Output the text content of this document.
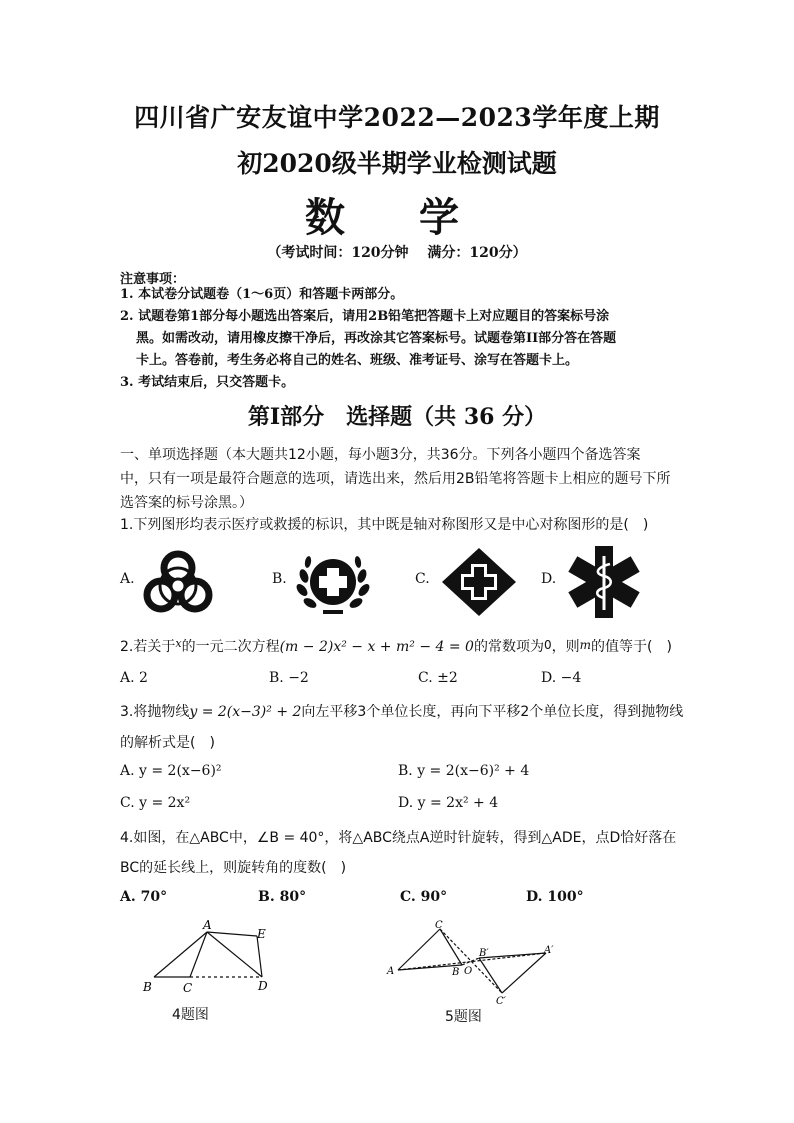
四川省广安友谊中学2022—2023学年度上期
初2020级半期学业检测试题
数 学
（考试时间：120分钟　 满分：120分）
注意事项：
1. 本试卷分试题卷（1～6页）和答题卡两部分。
2. 试题卷第1部分每小题选出答案后，请用2B铅笔把答题卡上对应题目的答案标号涂
黑。如需改动，请用橡皮擦干净后，再改涂其它答案标号。试题卷第II部分答在答题
卡上。答卷前，考生务必将自己的姓名、班级、准考证号、涂写在答题卡上。
3. 考试结束后，只交答题卡。
第Ⅰ部分　选择题（共 36 分）
一、单项选择题（本大题共12小题，每小题3分，共36分。下列各小题四个备选答案
中，只有一项是最符合题意的选项，请选出来，然后用2B铅笔将答题卡上相应的题号下所
选答案的标号涂黑。）
1.下列图形均表示医疗或救援的标识，其中既是轴对称图形又是中心对称图形的是(　)
A.	B.	C.	D.
2.若关于$^x$的一元二次方程(m − 2)x² − x + m² − 4 = 0的常数项为0，则m的值等于(　)
A. 2	B. −2	C. ±2	D. −4
3.将抛物线y = 2(x−3)² + 2向左平移3个单位长度，再向下平移2个单位长度，得到抛物线
的解析式是(　)
A. y = 2(x−6)²	B. y = 2(x−6)² + 4
C. y = 2x²	D. y = 2x² + 4
4.如图，在△ABC中，∠B = 40°，将△ABC绕点A逆时针旋转，得到△ADE，点D恰好落在
BC的延长线上，则旋转角的度数(　)
A. 70°	B. 80°	C. 90°	D. 100°
A
B	C	D
E
4题图
C
A	B O
B′	A′
C′
5题图
